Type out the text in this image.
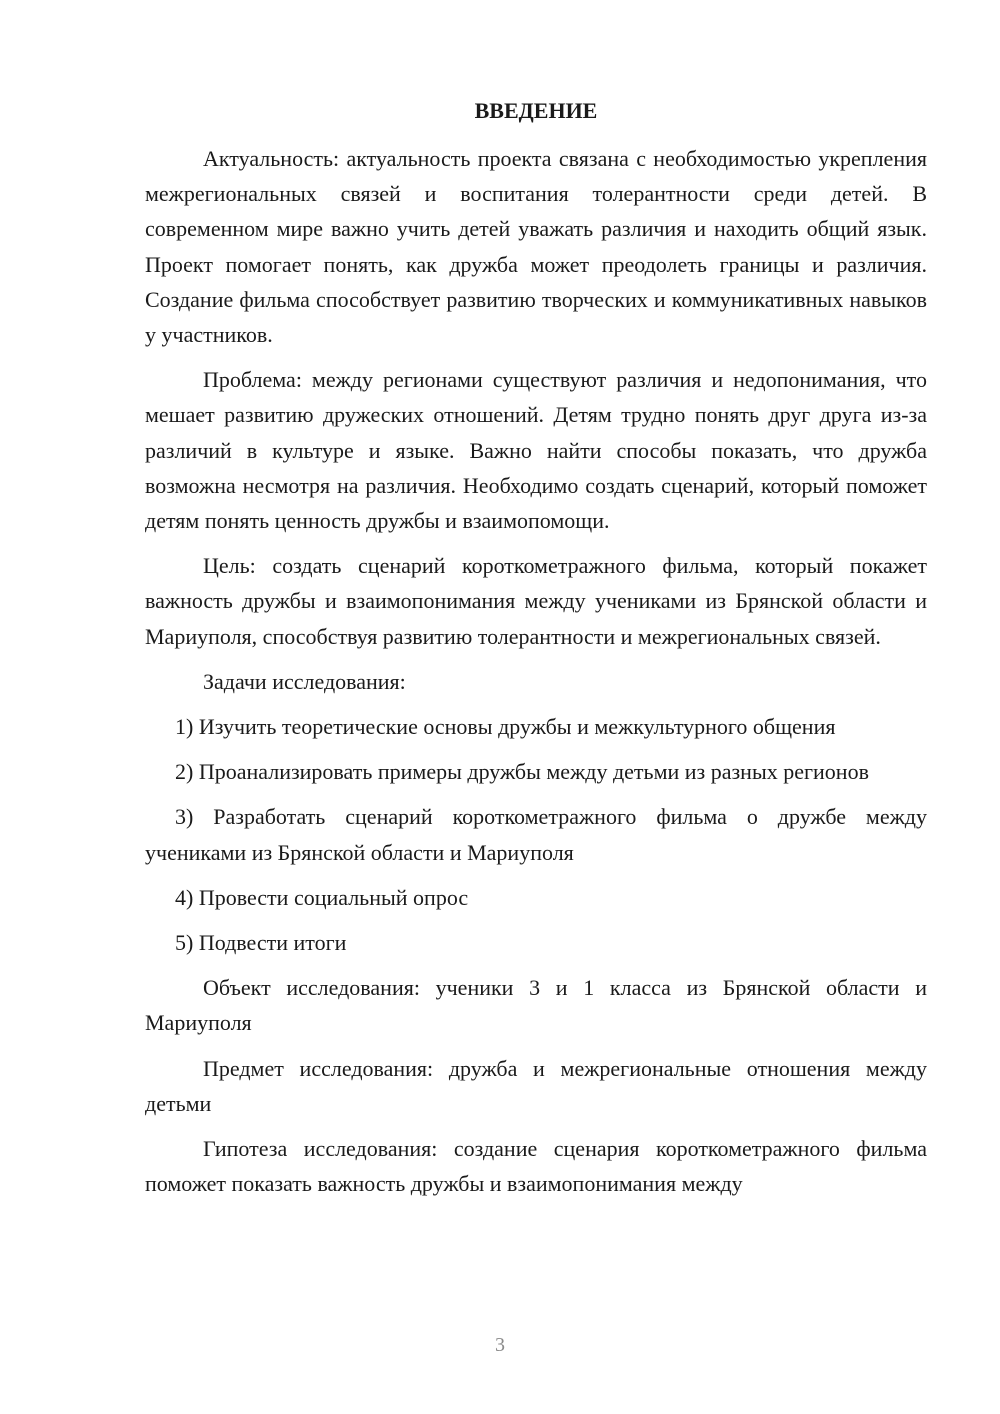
ВВЕДЕНИЕ

Актуальность: актуальность проекта связана с необходимостью укрепления межрегиональных связей и воспитания толерантности среди детей. В современном мире важно учить детей уважать различия и находить общий язык. Проект помогает понять, как дружба может преодолеть границы и различия. Создание фильма способствует развитию творческих и коммуникативных навыков у участников.

Проблема: между регионами существуют различия и недопонимания, что мешает развитию дружеских отношений. Детям трудно понять друг друга из-за различий в культуре и языке. Важно найти способы показать, что дружба возможна несмотря на различия. Необходимо создать сценарий, который поможет детям понять ценность дружбы и взаимопомощи.

Цель: создать сценарий короткометражного фильма, который покажет важность дружбы и взаимопонимания между учениками из Брянской области и Мариуполя, способствуя развитию толерантности и межрегиональных связей.

Задачи исследования:

1) Изучить теоретические основы дружбы и межкультурного общения

2) Проанализировать примеры дружбы между детьми из разных регионов

3) Разработать сценарий короткометражного фильма о дружбе между учениками из Брянской области и Мариуполя

4) Провести социальный опрос

5) Подвести итоги

Объект исследования: ученики 3 и 1 класса из Брянской области и Мариуполя

Предмет исследования: дружба и межрегиональные отношения между детьми

Гипотеза исследования: создание сценария короткометражного фильма поможет показать важность дружбы и взаимопонимания между

3
